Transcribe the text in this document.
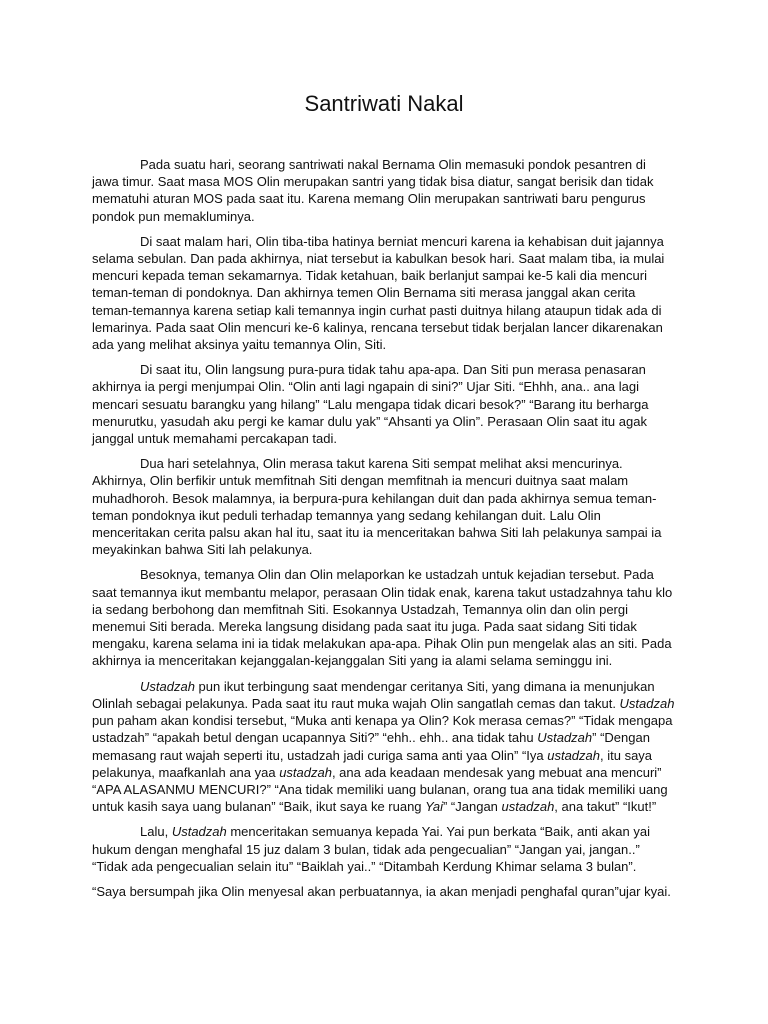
Santriwati Nakal

Pada suatu hari, seorang santriwati nakal Bernama Olin memasuki pondok pesantren di jawa timur. Saat masa MOS Olin merupakan santri yang tidak bisa diatur, sangat berisik dan tidak mematuhi aturan MOS pada saat itu. Karena memang Olin merupakan santriwati baru pengurus pondok pun memakluminya.

Di saat malam hari, Olin tiba-tiba hatinya berniat mencuri karena ia kehabisan duit jajannya selama sebulan. Dan pada akhirnya, niat tersebut ia kabulkan besok hari. Saat malam tiba, ia mulai mencuri kepada teman sekamarnya. Tidak ketahuan, baik berlanjut sampai ke-5 kali dia mencuri teman-teman di pondoknya. Dan akhirnya temen Olin Bernama siti merasa janggal akan cerita teman-temannya karena setiap kali temannya ingin curhat pasti duitnya hilang ataupun tidak ada di lemarinya. Pada saat Olin mencuri ke-6 kalinya, rencana tersebut tidak berjalan lancer dikarenakan ada yang melihat aksinya yaitu temannya Olin, Siti.

Di saat itu, Olin langsung pura-pura tidak tahu apa-apa. Dan Siti pun merasa penasaran akhirnya ia pergi menjumpai Olin. “Olin anti lagi ngapain di sini?” Ujar Siti. “Ehhh, ana.. ana lagi mencari sesuatu barangku yang hilang” “Lalu mengapa tidak dicari besok?” “Barang itu berharga menurutku, yasudah aku pergi ke kamar dulu yak” “Ahsanti ya Olin”. Perasaan Olin saat itu agak janggal untuk memahami percakapan tadi.

Dua hari setelahnya, Olin merasa takut karena Siti sempat melihat aksi mencurinya. Akhirnya, Olin berfikir untuk memfitnah Siti dengan memfitnah ia mencuri duitnya saat malam muhadhoroh. Besok malamnya, ia berpura-pura kehilangan duit dan pada akhirnya semua teman-teman pondoknya ikut peduli terhadap temannya yang sedang kehilangan duit. Lalu Olin menceritakan cerita palsu akan hal itu, saat itu ia menceritakan bahwa Siti lah pelakunya sampai ia meyakinkan bahwa Siti lah pelakunya.

Besoknya, temanya Olin dan Olin melaporkan ke ustadzah untuk kejadian tersebut. Pada saat temannya ikut membantu melapor, perasaan Olin tidak enak, karena takut ustadzahnya tahu klo ia sedang berbohong dan memfitnah Siti. Esokannya Ustadzah, Temannya olin dan olin pergi menemui Siti berada. Mereka langsung disidang pada saat itu juga. Pada saat sidang Siti tidak mengaku, karena selama ini ia tidak melakukan apa-apa. Pihak Olin pun mengelak alas an siti. Pada akhirnya ia menceritakan kejanggalan-kejanggalan Siti yang ia alami selama seminggu ini.

Ustadzah pun ikut terbingung saat mendengar ceritanya Siti, yang dimana ia menunjukan Olinlah sebagai pelakunya. Pada saat itu raut muka wajah Olin sangatlah cemas dan takut. Ustadzah pun paham akan kondisi tersebut, “Muka anti kenapa ya Olin? Kok merasa cemas?” “Tidak mengapa ustadzah” “apakah betul dengan ucapannya Siti?” “ehh.. ehh.. ana tidak tahu Ustadzah” “Dengan memasang raut wajah seperti itu, ustadzah jadi curiga sama anti yaa Olin” “Iya ustadzah, itu saya pelakunya, maafkanlah ana yaa ustadzah, ana ada keadaan mendesak yang mebuat ana mencuri” “APA ALASANMU MENCURI?” “Ana tidak memiliki uang bulanan, orang tua ana tidak memiliki uang untuk kasih saya uang bulanan” “Baik, ikut saya ke ruang Yai” “Jangan ustadzah, ana takut” “Ikut!”

Lalu, Ustadzah menceritakan semuanya kepada Yai. Yai pun berkata “Baik, anti akan yai hukum dengan menghafal 15 juz dalam 3 bulan, tidak ada pengecualian” “Jangan yai, jangan..” “Tidak ada pengecualian selain itu” “Baiklah yai..” “Ditambah Kerdung Khimar selama 3 bulan”.

“Saya bersumpah jika Olin menyesal akan perbuatannya, ia akan menjadi penghafal quran”ujar kyai.
